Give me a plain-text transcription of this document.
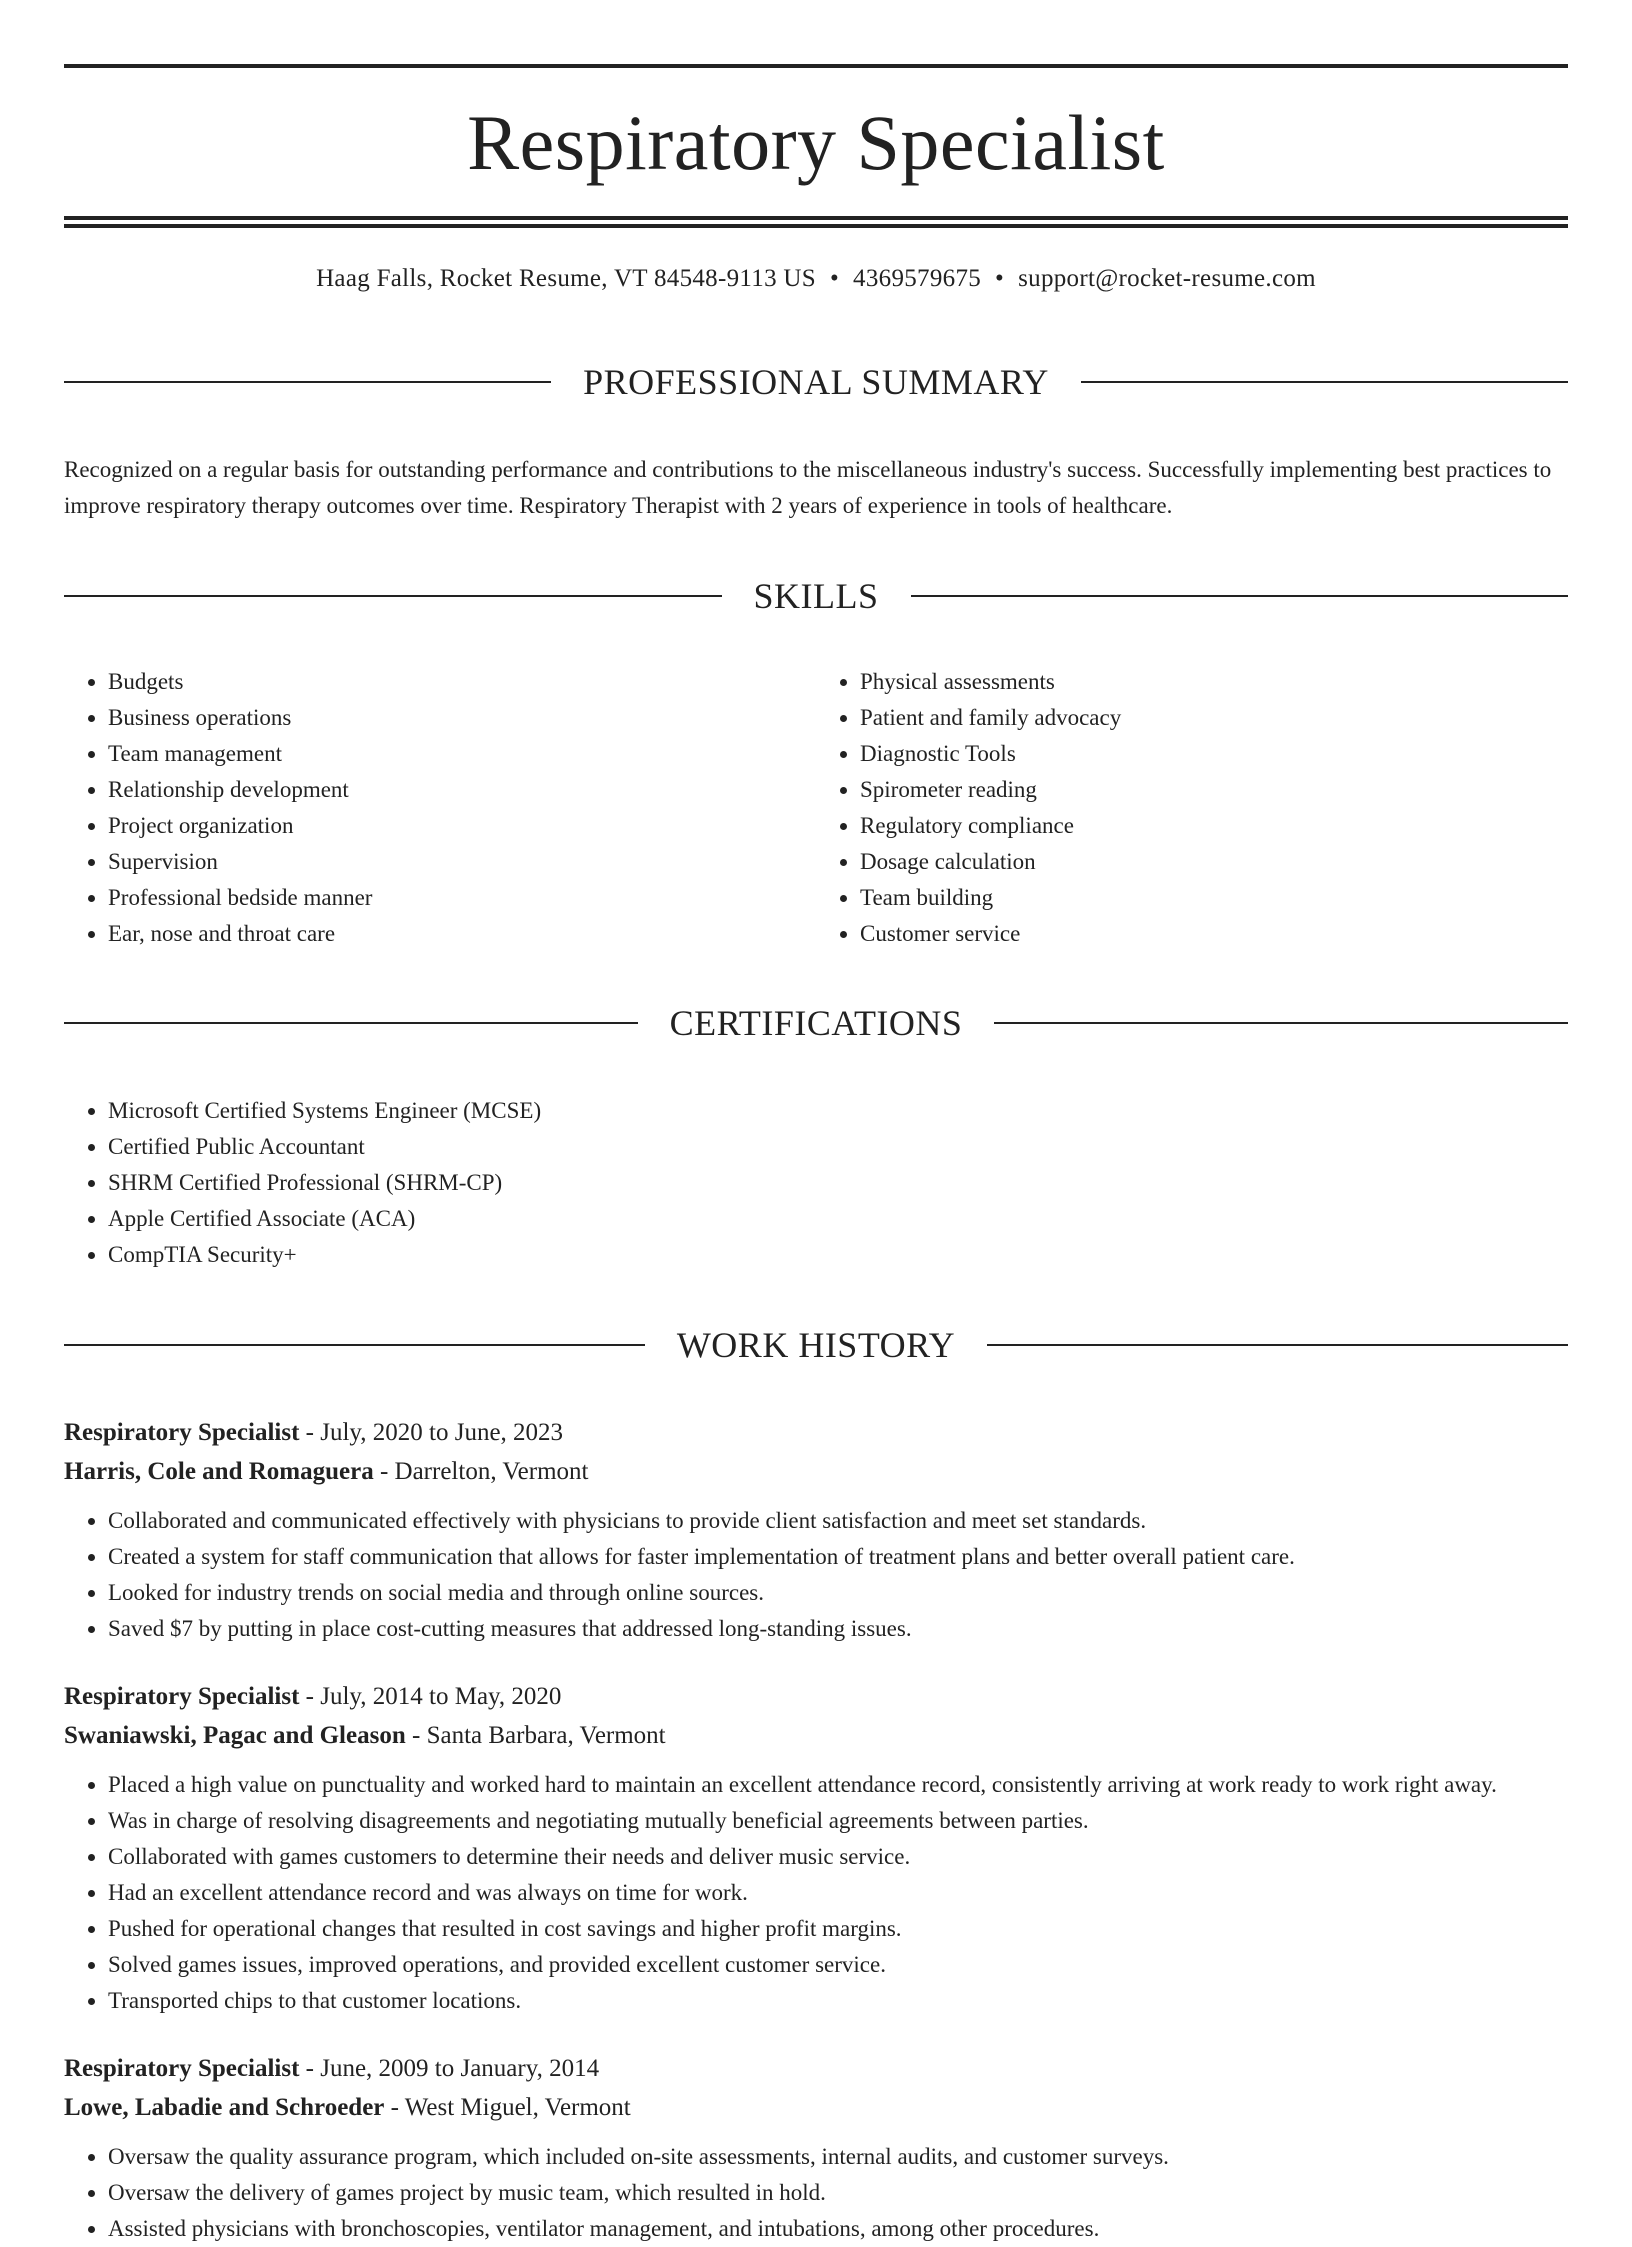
Respiratory Specialist
Haag Falls, Rocket Resume, VT 84548-9113 US • 4369579675 • support@rocket-resume.com
PROFESSIONAL SUMMARY

Recognized on a regular basis for outstanding performance and contributions to the miscellaneous industry's success. Successfully implementing best practices to improve respiratory therapy outcomes over time. Respiratory Therapist with 2 years of experience in tools of healthcare.

SKILLS
• Budgets
• Business operations
• Team management
• Relationship development
• Project organization
• Supervision
• Professional bedside manner
• Ear, nose and throat care
• Physical assessments
• Patient and family advocacy
• Diagnostic Tools
• Spirometer reading
• Regulatory compliance
• Dosage calculation
• Team building
• Customer service
CERTIFICATIONS
• Microsoft Certified Systems Engineer (MCSE)
• Certified Public Accountant
• SHRM Certified Professional (SHRM-CP)
• Apple Certified Associate (ACA)
• CompTIA Security+
WORK HISTORY
Respiratory Specialist - July, 2020 to June, 2023
Harris, Cole and Romaguera - Darrelton, Vermont
• Collaborated and communicated effectively with physicians to provide client satisfaction and meet set standards.
• Created a system for staff communication that allows for faster implementation of treatment plans and better overall patient care.
• Looked for industry trends on social media and through online sources.
• Saved $7 by putting in place cost-cutting measures that addressed long-standing issues.
Respiratory Specialist - July, 2014 to May, 2020
Swaniawski, Pagac and Gleason - Santa Barbara, Vermont
• Placed a high value on punctuality and worked hard to maintain an excellent attendance record, consistently arriving at work ready to work right away.
• Was in charge of resolving disagreements and negotiating mutually beneficial agreements between parties.
• Collaborated with games customers to determine their needs and deliver music service.
• Had an excellent attendance record and was always on time for work.
• Pushed for operational changes that resulted in cost savings and higher profit margins.
• Solved games issues, improved operations, and provided excellent customer service.
• Transported chips to that customer locations.
Respiratory Specialist - June, 2009 to January, 2014
Lowe, Labadie and Schroeder - West Miguel, Vermont
• Oversaw the quality assurance program, which included on-site assessments, internal audits, and customer surveys.
• Oversaw the delivery of games project by music team, which resulted in hold.
• Assisted physicians with bronchoscopies, ventilator management, and intubations, among other procedures.
